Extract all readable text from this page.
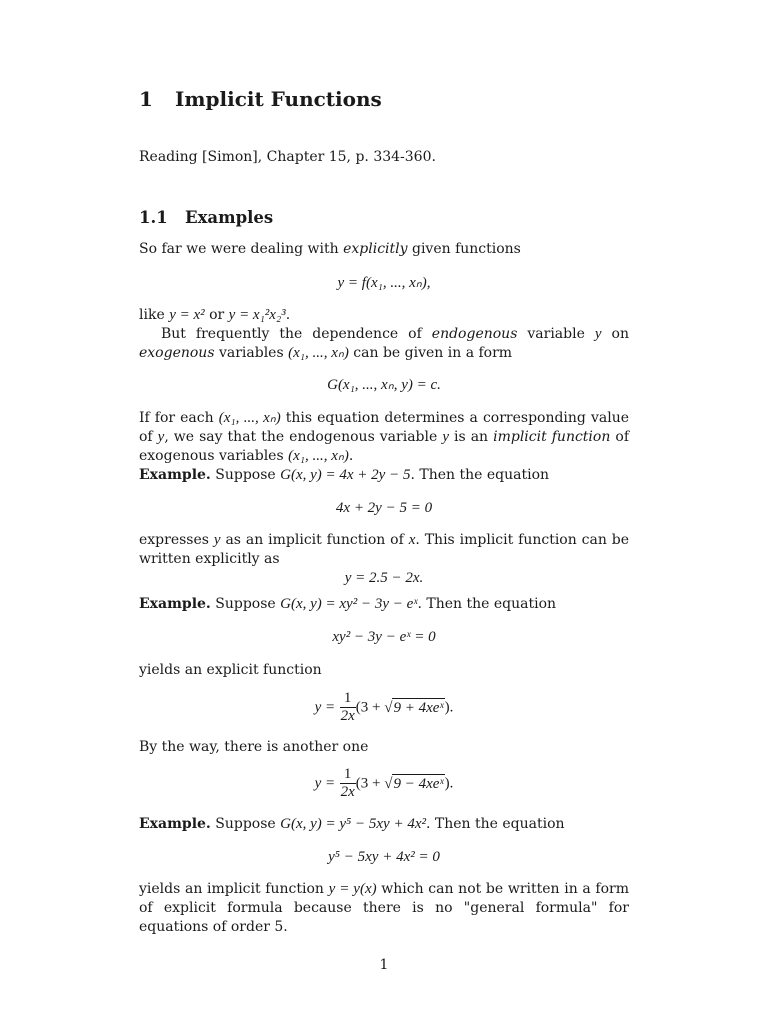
1 Implicit Functions
Reading [Simon], Chapter 15, p. 334-360.
1.1 Examples
So far we were dealing with explicitly given functions
y = f(x₁, ..., xₙ),
like y = x² or y = x₁²x₂³.
But frequently the dependence of endogenous variable y on exogenous variables (x₁, ..., xₙ) can be given in a form
G(x₁, ..., xₙ, y) = c.
If for each (x₁, ..., xₙ) this equation determines a corresponding value of y, we say that the endogenous variable y is an implicit function of exogenous variables (x₁, ..., xₙ).
Example. Suppose G(x, y) = 4x + 2y − 5. Then the equation
4x + 2y − 5 = 0
expresses y as an implicit function of x. This implicit function can be written explicitly as
y = 2.5 − 2x.
Example. Suppose G(x, y) = xy² − 3y − eˣ. Then the equation
xy² − 3y − eˣ = 0
yields an explicit function
$y = \frac{1}{2x} (3 + √9$ + 4xeˣ).
By the way, there is another one
$y = \frac{1}{2x} (3 + √9$ − 4xeˣ).
Example. Suppose G(x, y) = y⁵ − 5xy + 4x². Then the equation
y⁵ − 5xy + 4x² = 0
yields an implicit function y = y(x) which can not be written in a form of explicit formula because there is no "general formula" for equations of order 5.
1
